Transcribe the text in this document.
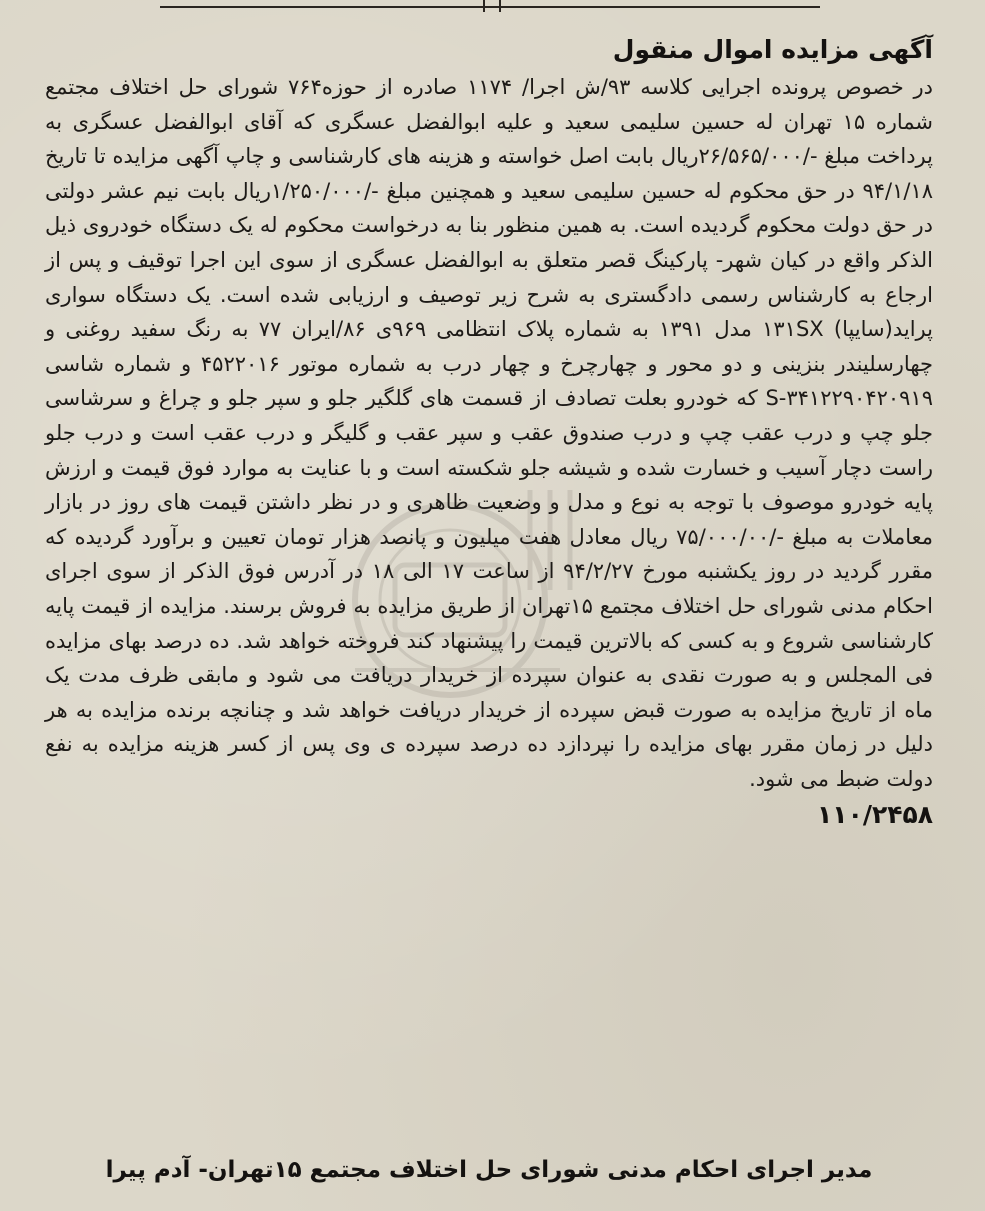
آگهی مزایده اموال منقول

در خصوص پرونده اجرایی کلاسه ۹۳/ش اجرا/ ۱۱۷۴ صادره از حوزه۷۶۴ شورای حل اختلاف مجتمع شماره ۱۵ تهران له حسین سلیمی سعید و علیه ابوالفضل عسگری که آقای ابوالفضل عسگری به پرداخت مبلغ -/۲۶/۵۶۵/۰۰۰ریال بابت اصل خواسته و هزینه های کارشناسی و چاپ آگهی مزایده تا تاریخ ۹۴/۱/۱۸ در حق محکوم له حسین سلیمی سعید و همچنین مبلغ -/۱/۲۵۰/۰۰۰ریال بابت نیم عشر دولتی در حق دولت محکوم گردیده است. به همین منظور بنا به درخواست محکوم له یک دستگاه خودروی ذیل الذکر واقع در کیان شهر- پارکینگ قصر متعلق به ابوالفضل عسگری از سوی این اجرا توقیف و پس از ارجاع به کارشناس رسمی دادگستری به شرح زیر توصیف و ارزیابی شده است. یک دستگاه سواری پراید(سایپا) ۱۳۱SX مدل ۱۳۹۱ به شماره پلاک انتظامی ۹۶۹ی ۸۶/ایران ۷۷ به رنگ سفید روغنی و چهارسلیندر بنزینی و دو محور و چهارچرخ و چهار درب به شماره موتور ۴۵۲۲۰۱۶ و شماره شاسی S-۳۴۱۲۲۹۰۴۲۰۹۱۹ که خودرو بعلت تصادف از قسمت های گلگیر جلو و سپر جلو و چراغ و سرشاسی جلو چپ و درب عقب چپ و درب صندوق عقب و سپر عقب و گلیگر و درب عقب است و درب جلو راست دچار آسیب و خسارت شده و شیشه جلو شکسته است و با عنایت به موارد فوق قیمت و ارزش پایه خودرو موصوف با توجه به نوع و مدل و وضعیت ظاهری و در نظر داشتن قیمت های روز در بازار معاملات به مبلغ -/۷۵/۰۰۰/۰۰ ریال معادل هفت میلیون و پانصد هزار تومان تعیین و برآورد گردیده که مقرر گردید در روز یکشنبه مورخ ۹۴/۲/۲۷ از ساعت ۱۷ الی ۱۸ در آدرس فوق الذکر از سوی اجرای احکام مدنی شورای حل اختلاف مجتمع ۱۵تهران از طریق مزایده به فروش برسند. مزایده از قیمت پایه کارشناسی شروع و به کسی که بالاترین قیمت را پیشنهاد کند فروخته خواهد شد. ده درصد بهای مزایده فی المجلس و به صورت نقدی به عنوان سپرده از خریدار دریافت می شود و مابقی ظرف مدت یک ماه از تاریخ مزایده به صورت قبض سپرده از خریدار دریافت خواهد شد و چنانچه برنده مزایده به هر دلیل در زمان مقرر بهای مزایده را نپردازد ده درصد سپرده ی وی پس از کسر هزینه مزایده به نفع دولت ضبط می شود.

۱۱۰/۲۴۵۸
مدیر اجرای احکام مدنی شورای حل اختلاف مجتمع ۱۵تهران- آدم پیرا
